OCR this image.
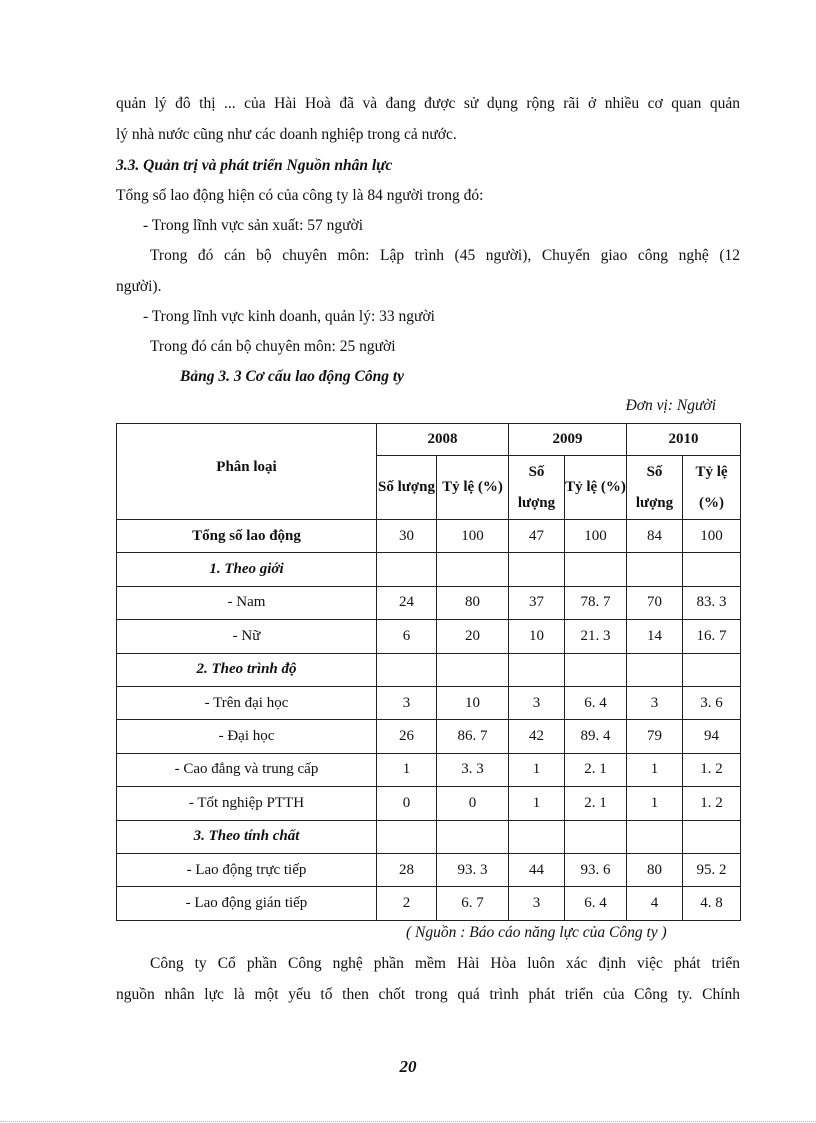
quản lý đô thị ... của Hài Hoà đã và đang được sử dụng rộng rãi ở nhiều cơ quan quản
lý nhà nước cũng như các doanh nghiệp trong cả nước.
3.3. Quản trị và phát triển Nguồn nhân lực
Tổng số lao động hiện có của công ty là 84 người trong đó:
- Trong lĩnh vực sản xuất: 57 người
Trong đó cán bộ chuyên môn: Lập trình (45 người), Chuyển giao công nghệ (12
người).
- Trong lĩnh vực kinh doanh, quản lý: 33 người
Trong đó cán bộ chuyên môn: 25 người
Bảng 3. 3 Cơ cấu lao động Công ty
Đơn vị: Người
Phân loại	2008		2009		2010	
	Số lượng	Tỷ lệ (%)	Số lượng	Tỷ lệ (%)	Số lượng	Tỷ lệ (%)
Tổng số lao động	30	100	47	100	84	100
1. Theo giới						
- Nam	24	80	37	78. 7	70	83. 3
- Nữ	6	20	10	21. 3	14	16. 7
2. Theo trình độ						
- Trên đại học	3	10	3	6. 4	3	3. 6
- Đại học	26	86. 7	42	89. 4	79	94
- Cao đẳng và trung cấp	1	3. 3	1	2. 1	1	1. 2
- Tốt nghiệp PTTH	0	0	1	2. 1	1	1. 2
3. Theo tính chất						
- Lao động trực tiếp	28	93. 3	44	93. 6	80	95. 2
- Lao động gián tiếp	2	6. 7	3	6. 4	4	4. 8
( Nguồn : Báo cáo năng lực của Công ty )
Công ty Cổ phần Công nghệ phần mềm Hài Hòa luôn xác định việc phát triển
nguồn nhân lực là một yếu tố then chốt trong quá trình phát triển của Công ty. Chính
20
